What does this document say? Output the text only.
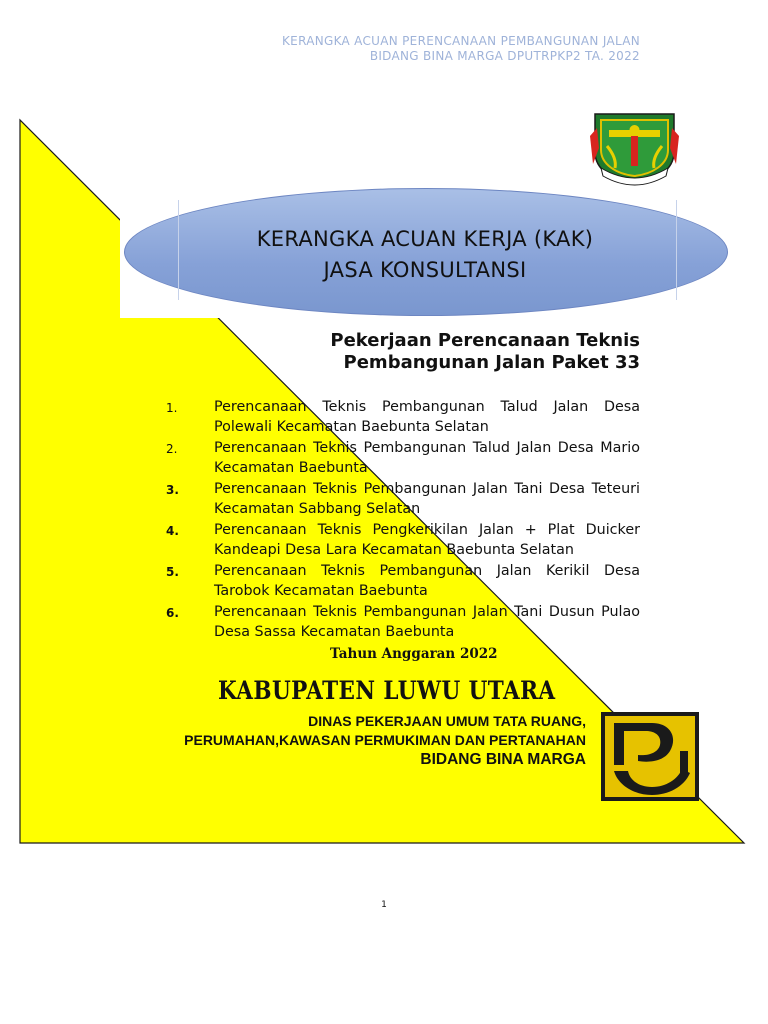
KERANGKA ACUAN PERENCANAAN PEMBANGUNAN JALAN
BIDANG BINA MARGA DPUTRPKP2 TA. 2022
KERANGKA ACUAN KERJA (KAK)
JASA KONSULTANSI
Pekerjaan Perencanaan Teknis
Pembangunan Jalan Paket 33
1.	Perencanaan Teknis Pembangunan Talud Jalan Desa Polewali Kecamatan Baebunta Selatan
2.	Perencanaan Teknis Pembangunan Talud Jalan Desa Mario Kecamatan Baebunta
3.	Perencanaan Teknis Pembangunan Jalan Tani Desa Teteuri Kecamatan Sabbang Selatan
4.	Perencanaan Teknis Pengkerikilan Jalan + Plat Duicker Kandeapi Desa Lara Kecamatan Baebunta Selatan
5.	Perencanaan Teknis Pembangunan Jalan Kerikil Desa Tarobok Kecamatan Baebunta
6.	Perencanaan Teknis Pembangunan Jalan Tani Dusun Pulao Desa Sassa Kecamatan Baebunta
Tahun Anggaran 2022
KABUPATEN LUWU UTARA
DINAS PEKERJAAN UMUM TATA RUANG,
PERUMAHAN,KAWASAN PERMUKIMAN DAN PERTANAHAN
BIDANG BINA MARGA
1
